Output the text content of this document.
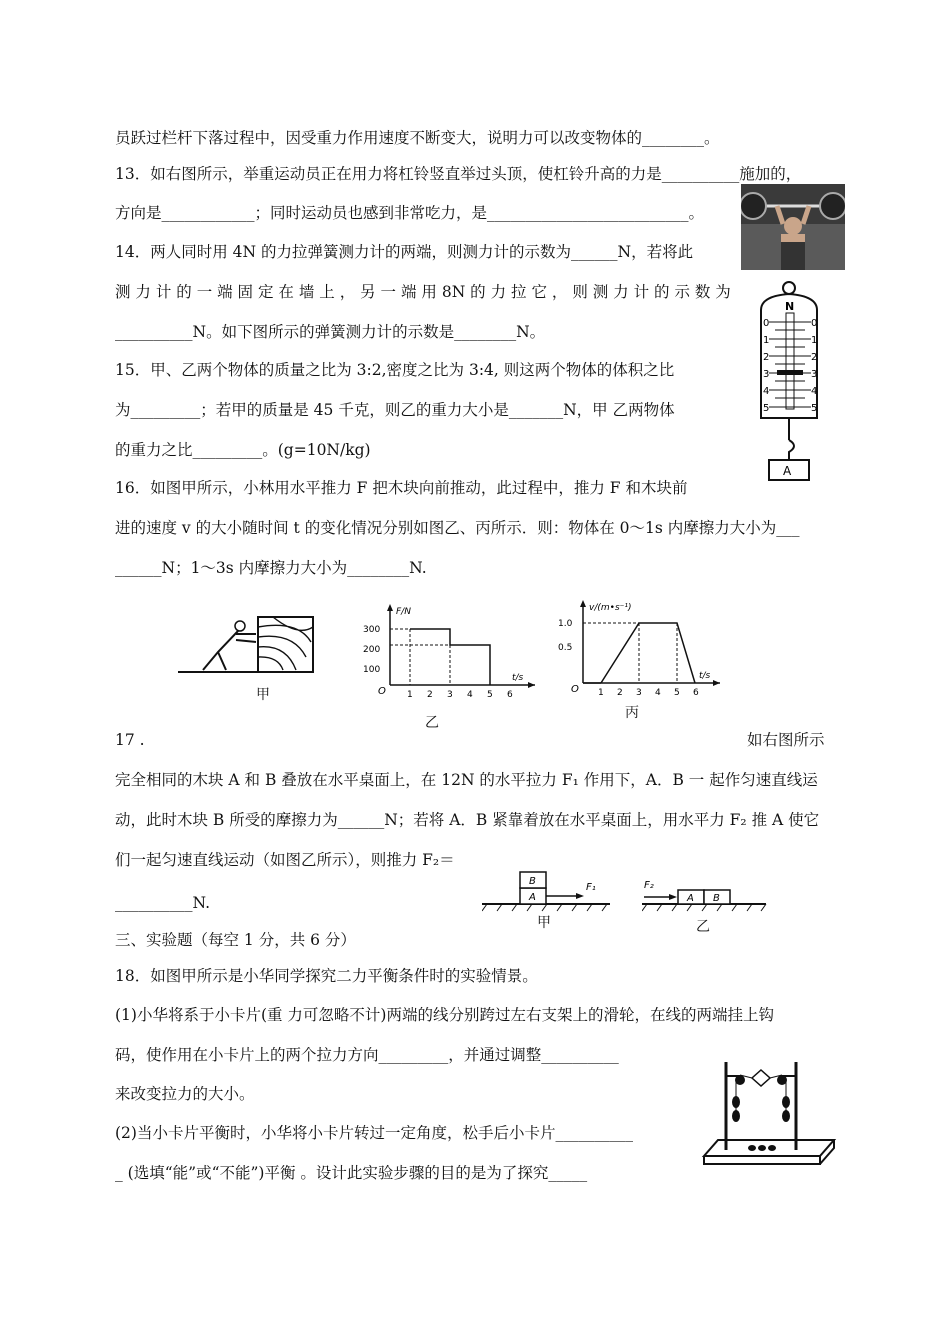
员跃过栏杆下落过程中，因受重力作用速度不断变大，说明力可以改变物体的________。
13．如右图所示，举重运动员正在用力将杠铃竖直举过头顶，使杠铃升高的力是__________施加的，
方向是____________；同时运动员也感到非常吃力，是__________________________。
14．两人同时用 4N 的力拉弹簧测力计的两端，则测力计的示数为______N，若将此
测 力 计 的 一 端 固 定 在 墙 上 ， 另 一 端 用 8N 的 力 拉 它 ， 则 测 力 计 的 示 数 为
__________N。如下图所示的弹簧测力计的示数是________N。
15．甲、乙两个物体的质量之比为 3:2,密度之比为 3:4, 则这两个物体的体积之比
为_________；若甲的质量是 45 千克，则乙的重力大小是_______N，甲 乙两物体
的重力之比_________。(g=10N/kg)
16．如图甲所示，小林用水平推力 F 把木块向前推动，此过程中，推力 F 和木块前
进的速度 v 的大小随时间 t 的变化情况分别如图乙、丙所示．则：物体在 0～1s 内摩擦力大小为___
______N；1～3s 内摩擦力大小为________N.
甲
F/N
O
100
200
300
1 2 3 4 5 6
t/s
乙
v/(m•s⁻¹)
O
1.0
0.5
1 2 3 4 5 6
t/s
丙
17 .	如右图所示
完全相同的木块 A 和 B 叠放在水平桌面上，在 12N 的水平拉力 F₁ 作用下，A．B 一 起作匀速直线运
动，此时木块 B 所受的摩擦力为______N；若将 A．B 紧靠着放在水平桌面上，用水平力 F₂ 推 A 使它
们一起匀速直线运动（如图乙所示），则推力 F₂＝
__________N.	A
B
F₁
甲
A B
F₂
乙
三、实验题（每空 1 分，共 6 分）
18．如图甲所示是小华同学探究二力平衡条件时的实验情景。
(1)小华将系于小卡片(重 力可忽略不计)两端的线分别跨过左右支架上的滑轮，在线的两端挂上钩
码，使作用在小卡片上的两个拉力方向_________，并通过调整__________
来改变拉力的大小。
(2)当小卡片平衡时，小华将小卡片转过一定角度，松手后小卡片__________
_ (选填“能”或“不能”)平衡 。设计此实验步骤的目的是为了探究_____
N
0
1
2
3
4
5
0
1
2
3
4
5
A
